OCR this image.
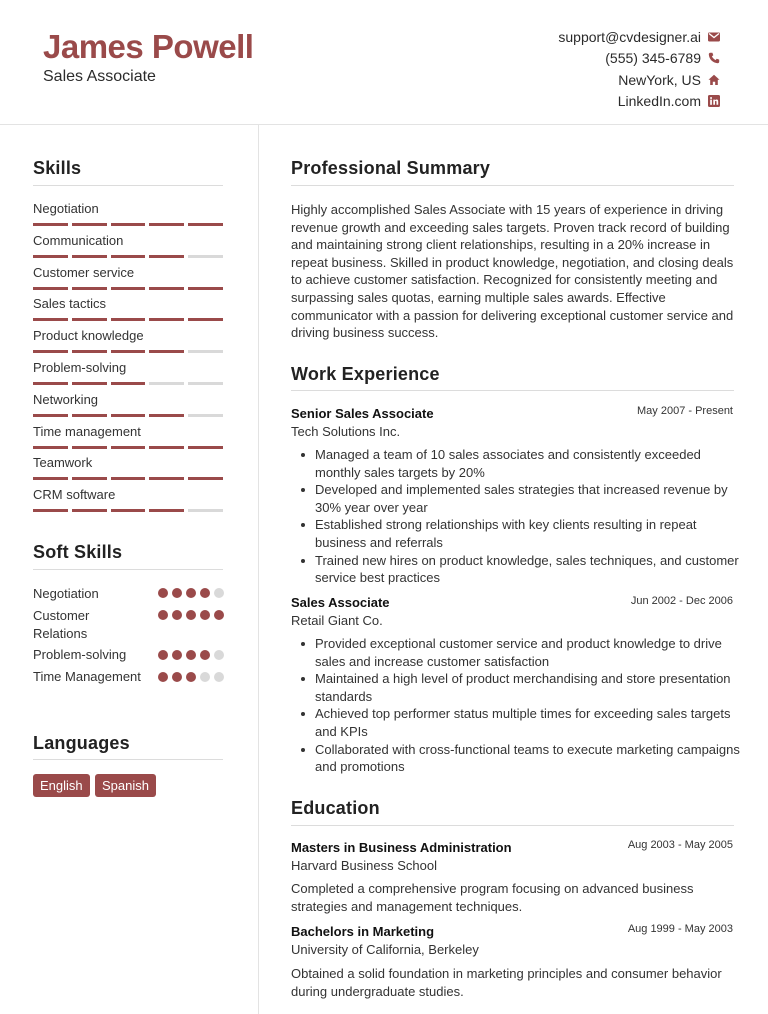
James Powell
Sales Associate
support@cvdesigner.ai
(555) 345-6789
NewYork, US
LinkedIn.com
Skills
Negotiation
Communication
Customer service
Sales tactics
Product knowledge
Problem-solving
Networking
Time management
Teamwork
CRM software
Soft Skills
Negotiation
Customer Relations
Problem-solving
Time Management
Languages
English	Spanish
Professional Summary
Highly accomplished Sales Associate with 15 years of experience in driving revenue growth and exceeding sales targets. Proven track record of building and maintaining strong client relationships, resulting in a 20% increase in repeat business. Skilled in product knowledge, negotiation, and closing deals to achieve customer satisfaction. Recognized for consistently meeting and surpassing sales quotas, earning multiple sales awards. Effective communicator with a passion for delivering exceptional customer service and driving business success.
Work Experience
Senior Sales Associate	May 2007 - Present
Tech Solutions Inc.
Managed a team of 10 sales associates and consistently exceeded monthly sales targets by 20%
Developed and implemented sales strategies that increased revenue by 30% year over year
Established strong relationships with key clients resulting in repeat business and referrals
Trained new hires on product knowledge, sales techniques, and customer service best practices
Sales Associate	Jun 2002 - Dec 2006
Retail Giant Co.
Provided exceptional customer service and product knowledge to drive sales and increase customer satisfaction
Maintained a high level of product merchandising and store presentation standards
Achieved top performer status multiple times for exceeding sales targets and KPIs
Collaborated with cross-functional teams to execute marketing campaigns and promotions
Education
Masters in Business Administration	Aug 2003 - May 2005
Harvard Business School
Completed a comprehensive program focusing on advanced business strategies and management techniques.
Bachelors in Marketing	Aug 1999 - May 2003
University of California, Berkeley
Obtained a solid foundation in marketing principles and consumer behavior during undergraduate studies.
